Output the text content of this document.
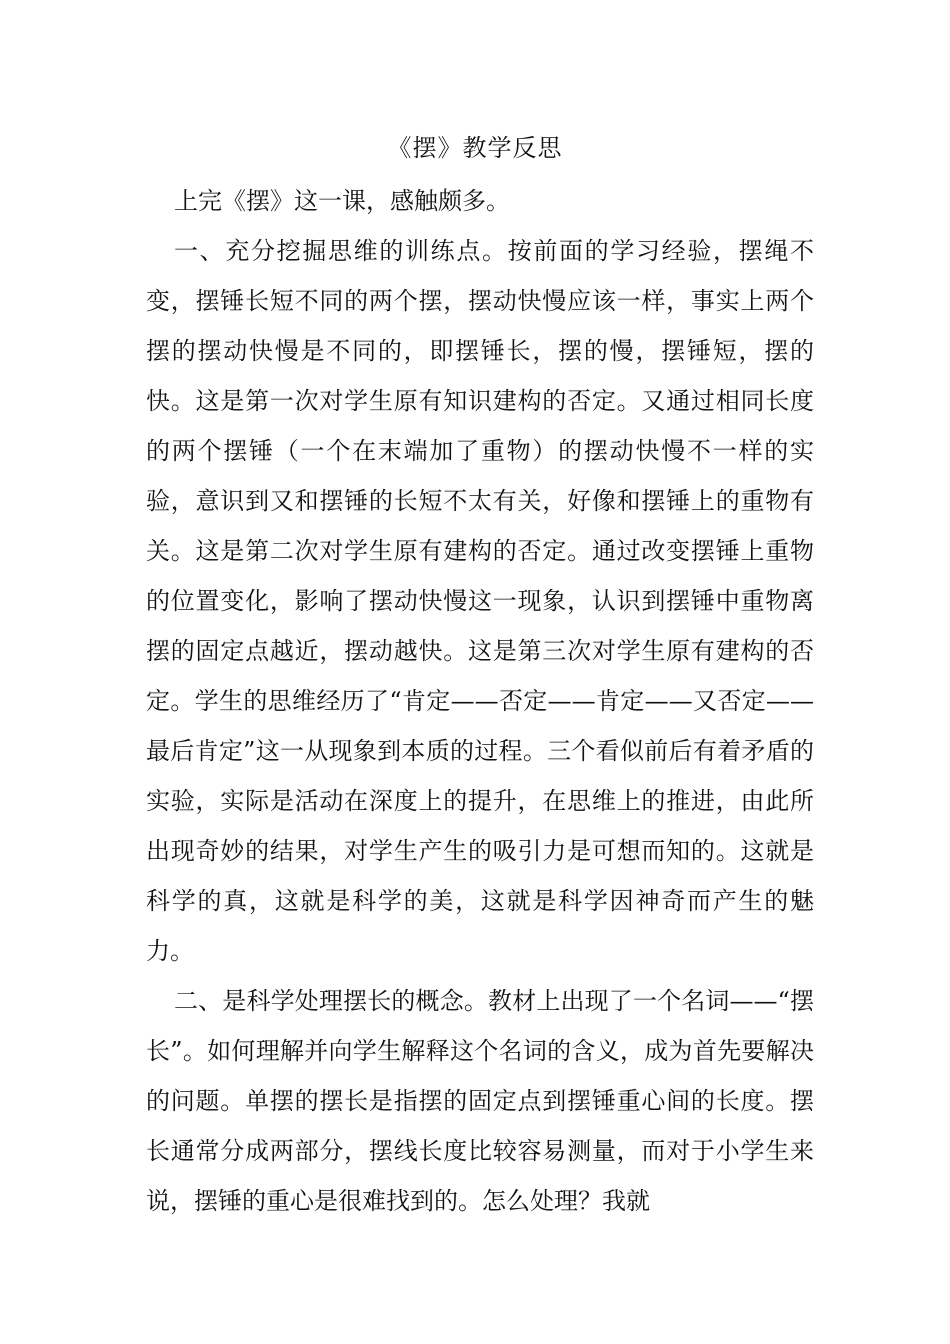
《摆》教学反思

上完《摆》这一课，感触颇多。

一、充分挖掘思维的训练点。按前面的学习经验，摆绳不变，摆锤长短不同的两个摆，摆动快慢应该一样，事实上两个摆的摆动快慢是不同的，即摆锤长，摆的慢，摆锤短，摆的快。这是第一次对学生原有知识建构的否定。又通过相同长度的两个摆锤（一个在末端加了重物）的摆动快慢不一样的实验，意识到又和摆锤的长短不太有关，好像和摆锤上的重物有关。这是第二次对学生原有建构的否定。通过改变摆锤上重物的位置变化，影响了摆动快慢这一现象，认识到摆锤中重物离摆的固定点越近，摆动越快。这是第三次对学生原有建构的否定。学生的思维经历了“肯定——否定——肯定——又否定——最后肯定”这一从现象到本质的过程。三个看似前后有着矛盾的实验，实际是活动在深度上的提升，在思维上的推进，由此所出现奇妙的结果，对学生产生的吸引力是可想而知的。这就是科学的真，这就是科学的美，这就是科学因神奇而产生的魅力。

二、是科学处理摆长的概念。教材上出现了一个名词——“摆长”。如何理解并向学生解释这个名词的含义，成为首先要解决的问题。单摆的摆长是指摆的固定点到摆锤重心间的长度。摆长通常分成两部分，摆线长度比较容易测量，而对于小学生来说，摆锤的重心是很难找到的。怎么处理？我就
